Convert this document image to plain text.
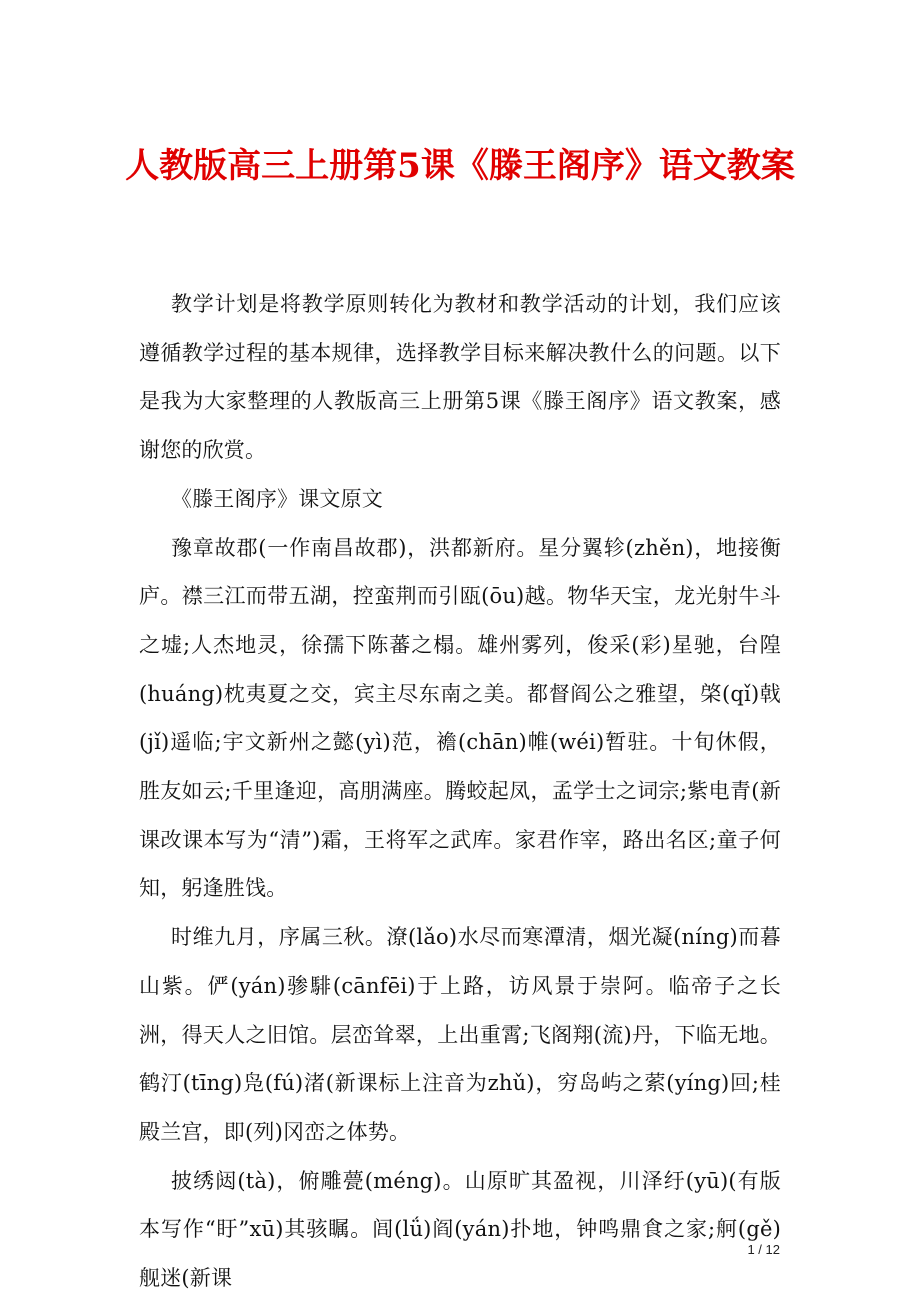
人教版高三上册第5课《滕王阁序》语文教案

教学计划是将教学原则转化为教材和教学活动的计划，我们应该遵循教学过程的基本规律，选择教学目标来解决教什么的问题。以下是我为大家整理的人教版高三上册第5课《滕王阁序》语文教案，感谢您的欣赏。

《滕王阁序》课文原文

豫章故郡(一作南昌故郡)，洪都新府。星分翼轸(zhěn)，地接衡庐。襟三江而带五湖，控蛮荆而引瓯(ōu)越。物华天宝，龙光射牛斗之墟;人杰地灵，徐孺下陈蕃之榻。雄州雾列，俊采(彩)星驰，台隍(huáng)枕夷夏之交，宾主尽东南之美。都督阎公之雅望，棨(qǐ)戟(jǐ)遥临;宇文新州之懿(yì)范，襜(chān)帷(wéi)暂驻。十旬休假，胜友如云;千里逢迎，高朋满座。腾蛟起凤，孟学士之词宗;紫电青(新课改课本写为“清”)霜，王将军之武库。家君作宰，路出名区;童子何知，躬逢胜饯。

时维九月，序属三秋。潦(lǎo)水尽而寒潭清，烟光凝(níng)而暮山紫。俨(yán)骖騑(cānfēi)于上路，访风景于崇阿。临帝子之长洲，得天人之旧馆。层峦耸翠，上出重霄;飞阁翔(流)丹，下临无地。鹤汀(tīng)凫(fú)渚(新课标上注音为zhǔ)，穷岛屿之萦(yíng)回;桂殿兰宫，即(列)冈峦之体势。

披绣闼(tà)，俯雕甍(méng)。山原旷其盈视，川泽纡(yū)(有版本写作“盱”xū)其骇瞩。闾(lǘ)阎(yán)扑地，钟鸣鼎食之家;舸(gě)舰迷(新课

1 / 12
